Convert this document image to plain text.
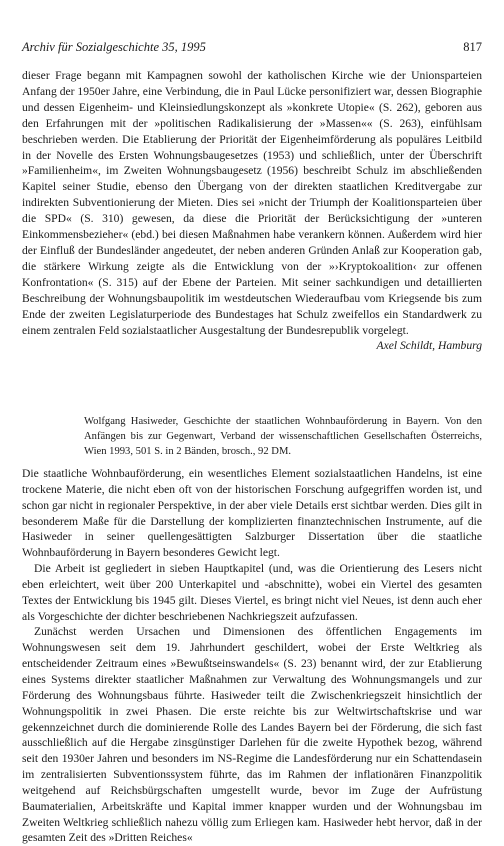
Archiv für Sozialgeschichte 35, 1995	817

dieser Frage begann mit Kampagnen sowohl der katholischen Kirche wie der Unionsparteien Anfang der 1950er Jahre, eine Verbindung, die in Paul Lücke personifiziert war, dessen Biographie und dessen Eigenheim- und Kleinsiedlungskonzept als »konkrete Utopie« (S. 262), geboren aus den Erfahrungen mit der »politischen Radikalisierung der »Massen«« (S. 263), einfühlsam beschrieben werden. Die Etablierung der Priorität der Eigenheimförderung als populäres Leitbild in der Novelle des Ersten Wohnungsbaugesetzes (1953) und schließlich, unter der Überschrift »Familienheim«, im Zweiten Wohnungsbaugesetz (1956) beschreibt Schulz im abschließenden Kapitel seiner Studie, ebenso den Übergang von der direkten staatlichen Kreditvergabe zur indirekten Subventionierung der Mieten. Dies sei »nicht der Triumph der Koalitionsparteien über die SPD« (S. 310) gewesen, da diese die Priorität der Berücksichtigung der »unteren Einkommensbezieher« (ebd.) bei diesen Maßnahmen habe verankern können. Außerdem wird hier der Einfluß der Bundesländer angedeutet, der neben anderen Gründen Anlaß zur Kooperation gab, die stärkere Wirkung zeigte als die Entwicklung von der »›Kryptokoalition‹ zur offenen Konfrontation« (S. 315) auf der Ebene der Parteien. Mit seiner sachkundigen und detaillierten Beschreibung der Wohnungsbaupolitik im westdeutschen Wiederaufbau vom Kriegsende bis zum Ende der zweiten Legislaturperiode des Bundestages hat Schulz zweifellos ein Standardwerk zu einem zentralen Feld sozialstaatlicher Ausgestaltung der Bundesrepublik vorgelegt.
Axel Schildt, Hamburg

Wolfgang Hasiweder, Geschichte der staatlichen Wohnbauförderung in Bayern. Von den Anfängen bis zur Gegenwart, Verband der wissenschaftlichen Gesellschaften Österreichs, Wien 1993, 501 S. in 2 Bänden, brosch., 92 DM.

Die staatliche Wohnbauförderung, ein wesentliches Element sozialstaatlichen Handelns, ist eine trockene Materie, die nicht eben oft von der historischen Forschung aufgegriffen worden ist, und schon gar nicht in regionaler Perspektive, in der aber viele Details erst sichtbar werden. Dies gilt in besonderem Maße für die Darstellung der komplizierten finanztechnischen Instrumente, auf die Hasiweder in seiner quellengesättigten Salzburger Dissertation über die staatliche Wohnbauförderung in Bayern besonderes Gewicht legt.

Die Arbeit ist gegliedert in sieben Hauptkapitel (und, was die Orientierung des Lesers nicht eben erleichtert, weit über 200 Unterkapitel und -abschnitte), wobei ein Viertel des gesamten Textes der Entwicklung bis 1945 gilt. Dieses Viertel, es bringt nicht viel Neues, ist denn auch eher als Vorgeschichte der dichter beschriebenen Nachkriegszeit aufzufassen.

Zunächst werden Ursachen und Dimensionen des öffentlichen Engagements im Wohnungswesen seit dem 19. Jahrhundert geschildert, wobei der Erste Weltkrieg als entscheidender Zeitraum eines »Bewußtseinswandels« (S. 23) benannt wird, der zur Etablierung eines Systems direkter staatlicher Maßnahmen zur Verwaltung des Wohnungsmangels und zur Förderung des Wohnungsbaus führte. Hasiweder teilt die Zwischenkriegszeit hinsichtlich der Wohnungspolitik in zwei Phasen. Die erste reichte bis zur Weltwirtschaftskrise und war gekennzeichnet durch die dominierende Rolle des Landes Bayern bei der Förderung, die sich fast ausschließlich auf die Hergabe zinsgünstiger Darlehen für die zweite Hypothek bezog, während seit den 1930er Jahren und besonders im NS-Regime die Landesförderung nur ein Schattendasein im zentralisierten Subventionssystem führte, das im Rahmen der inflationären Finanzpolitik weitgehend auf Reichsbürgschaften umgestellt wurde, bevor im Zuge der Aufrüstung Baumaterialien, Arbeitskräfte und Kapital immer knapper wurden und der Wohnungsbau im Zweiten Weltkrieg schließlich nahezu völlig zum Erliegen kam. Hasiweder hebt hervor, daß in der gesamten Zeit des »Dritten Reiches«
